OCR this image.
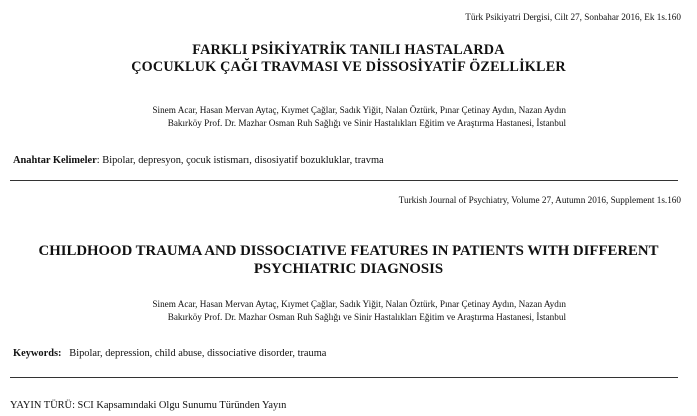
Türk Psikiyatri Dergisi, Cilt 27, Sonbahar 2016, Ek 1s.160
FARKLI PSİKİYATRİK TANILI HASTALARDA
ÇOCUKLUK ÇAĞI TRAVMASI VE DİSSOSİYATİF ÖZELLİKLER
Sinem Acar, Hasan Mervan Aytaç, Kıymet Çağlar, Sadık Yiğit, Nalan Öztürk, Pınar Çetinay Aydın, Nazan Aydın
Bakırköy Prof. Dr. Mazhar Osman Ruh Sağlığı ve Sinir Hastalıkları Eğitim ve Araştırma Hastanesi, İstanbul
Anahtar Kelimeler: Bipolar, depresyon, çocuk istismarı, disosiyatif bozukluklar, travma
Turkish Journal of Psychiatry, Volume 27, Autumn 2016, Supplement 1s.160
CHILDHOOD TRAUMA AND DISSOCIATIVE FEATURES IN PATIENTS WITH DIFFERENT
PSYCHIATRIC DIAGNOSIS
Sinem Acar, Hasan Mervan Aytaç, Kıymet Çağlar, Sadık Yiğit, Nalan Öztürk, Pınar Çetinay Aydın, Nazan Aydın
Bakırköy Prof. Dr. Mazhar Osman Ruh Sağlığı ve Sinir Hastalıkları Eğitim ve Araştırma Hastanesi, İstanbul
Keywords: Bipolar, depression, child abuse, dissociative disorder, trauma
YAYIN TÜRÜ: SCI Kapsamındaki Olgu Sunumu Türünden Yayın
